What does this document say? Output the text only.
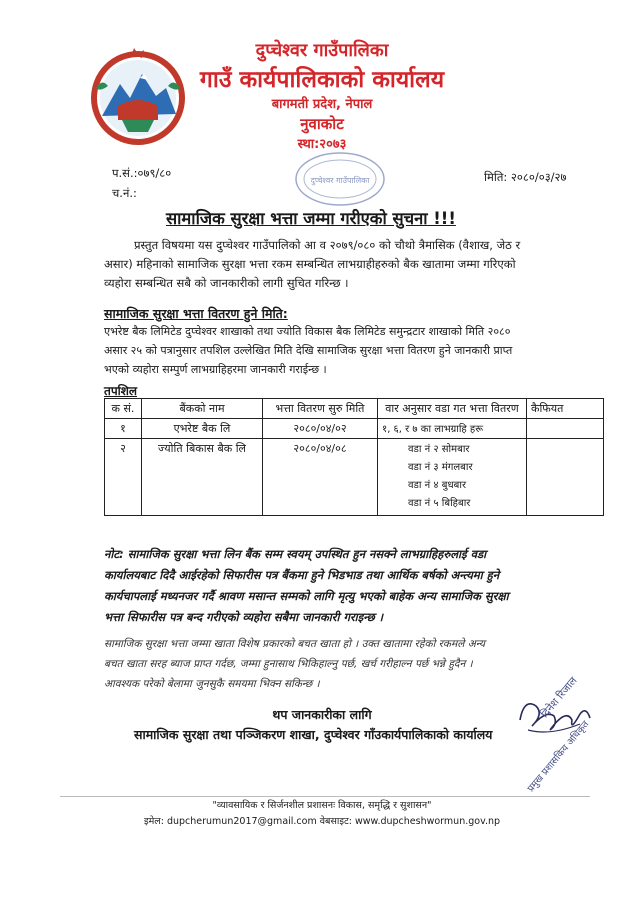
दुप्चेश्वर गाउँपालिका
गाउँ कार्यपालिकाको कार्यालय
बागमती प्रदेश, नेपाल
नुवाकोट
स्था:२०७३
प.सं.:०७९/८०
च.नं.:
मिति: २०८०/०३/२७
दुप्चेश्वर गाउँपालिका
सामाजिक सुरक्षा भत्ता जम्मा गरीएको सुचना !!!
प्रस्तुत विषयमा यस दुप्चेश्वर गाउँपालिको आ व २०७९/०८० को चौथो त्रैमासिक (वैशाख, जेठ र
असार) महिनाको सामाजिक सुरक्षा भत्ता रकम सम्बन्धित लाभग्राहीहरुको बैक खातामा जम्मा गरिएको
व्यहोरा सम्बन्धित सबै को जानकारीको लागी सुचित गरिन्छ ।
सामाजिक सुरक्षा भत्ता वितरण हुने मिति:
एभरेष्ट बैक लिमिटेड दुप्चेश्वर शाखाको तथा ज्योति विकास बैक लिमिटेड समुन्द्रटार शाखाको मिति २०८०
असार २५ को पत्रानुसार तपशिल उल्लेखित मिति देखि सामाजिक सुरक्षा भत्ता वितरण हुने जानकारी प्राप्त
भएको व्यहोरा सम्पुर्ण लाभग्राहिहरमा जानकारी गराईन्छ ।
तपशिल
क सं.	बैंकको नाम	भत्ता वितरण सुरु मिति	वार अनुसार वडा गत भत्ता वितरण	कैफियत
१	एभरेष्ट बैक लि	२०८०/०४/०२	१, ६, र ७ का लाभग्राहि हरू	
२	ज्योति बिकास बैक लि	२०८०/०४/०८	वडा नं २ सोमबार
वडा नं ३ मंगलबार
वडा नं ४ बुधबार
वडा नं ५ बिहिबार	

नोट: सामाजिक सुरक्षा भत्ता लिन बैंक सम्म स्वयम् उपस्थित हुन नसक्ने लाभग्राहिहरुलाई वडा
कार्यालयबाट दिदै आईरहेको सिफारीस पत्र बैंकमा हुने भिडभाड तथा आर्थिक बर्षको अन्त्यमा हुने
कार्यचापलाई मध्यनजर गर्दै श्रावण मसान्त सम्मको लागि मृत्यु भएको बाहेक अन्य सामाजिक सुरक्षा
भत्ता सिफारीस पत्र बन्द गरीएको व्यहोरा सबैमा जानकारी गराइन्छ ।
सामाजिक सुरक्षा भत्ता जम्मा खाता विशेष प्रकारको बचत खाता हो । उक्त खातामा रहेको रकमले अन्य
बचत खाता सरह ब्याज प्राप्त गर्दछ, जम्मा हुनासाथ भिकिहाल्नु पर्छ, खर्च गरीहाल्न पर्छ भन्ने हुदैन ।
आवश्यक परेको बेलामा जुनसुकै समयमा भिक्न सकिन्छ ।
थप जानकारीका लागि
सामाजिक सुरक्षा तथा पञ्जिकरण शाखा, दुप्चेश्वर गाँउकार्यपालिकाको कार्यालय
दिनेश रिजाल
प्रमुख प्रशासकिय अधिकृत
"व्यावसायिक र सिर्जनशील प्रशासनः विकास, समृद्धि र सुशासन"
इमेल: dupcherumun2017@gmail.com वेबसाइट: www.dupcheshwormun.gov.np
